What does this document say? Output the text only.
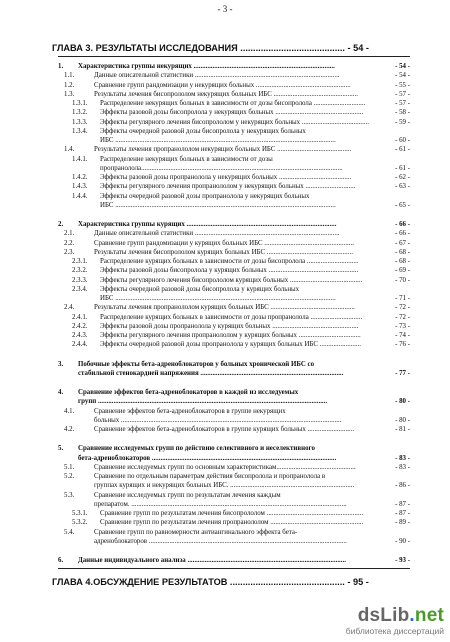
- 3 -
ГЛАВА 3. РЕЗУЛЬТАТЫ ИССЛЕДОВАНИЯ ......................................... - 54 -
1. Характеристика группы некурящих ..................................................................................	- 54 -
1.1.	Данные описательной статистики ....................................................................................	- 54 -
1.2.	Сравнение групп рандомизации у некурящих больных .......................................................	- 55 -
1.3.	Результаты лечения бисопрололом некурящих больных ИБС .................................................	- 57 -
1.3.1. Распределение некурящих больных в зависимости от дозы бисопролола ..............................	- 57 -
1.3.2. Эффекты разовой дозы бисопролола у некурящих больных ...................................................	- 58 -
1.3.3. Эффекты регулярного лечения бисопрололом у некурящих больных .......................................	- 59 -
1.3.4. Эффекты очередной разовой дозы бисопролола у некурящих больных
ИБС ................................................................................................................................	- 60 -
1.4.	Результаты лечения пропранололом некурящих больных ИБС ...........................................	- 61 -
1.4.1. Распределение некурящих больных в зависимости от дозы
пропранолола.....................................................................................................................	- 61 -
1.4.2. Эффекты разовой дозы пропранолола у некурящих больных ..........................................	- 62 -
1.4.3. Эффекты регулярного лечения пропранололом у некурящих больных .............................	- 63 -
1.4.4. Эффекты очередной разовой дозы пропранолола у некурящих больных
ИБС ................................................................................................................................	- 65 -
2. Характеристика группы курящих .......................................................................................	- 66 -
2.1.	Данные описательной статистики ....................................................................................	- 66 -
2.2.	Сравнение групп рандомизации у курящих больных ИБС ....................................................	- 67 -
2.3.	Результаты лечения бисопрололом курящих больных ИБС ..................................................	- 68 -
2.3.1. Распределение курящих больных в зависимости от дозы бисопролола ..............................	- 68 -
2.3.2. Эффекты разовой дозы бисопролола у курящих больных ....................................................	- 69 -
2.3.3. Эффекты регулярного лечения бисопрололом курящих больных ..........................................	- 70 -
2.3.4. Эффекты очередной разовой дозы бисопролола у курящих больных
ИБС ................................................................................................................................	- 71 -
2.4.	Результаты лечения пропранололом курящих больных ИБС .................................................	- 72 -
2.4.1. Распределение курящих больных в зависимости от дозы пропранолола ..............................	- 72 -
2.4.2. Эффекты разовой дозы пропранолола у курящих больных ..................................................	- 73 -
2.4.3. Эффекты регулярного лечения пропранололом у курящих больных ....................................	- 74 -
2.4.4. Эффекты очередной разовой дозы пропранолола у курящих больных ИБС ........................	- 76 -
3. Побочные эффекты бета-адреноблокаторов у больных хронической ИБС со
стабильной стенокардией напряжения ...................................................................................	- 77 -
4. Сравнение эффектов бета-адреноблокаторов в каждой из исследуемых
групп .....................................................................................................................................	- 80 -
4.1.	Сравнение эффектов бета-адреноблокаторов в группе некурящих
больных ................................................................................................................................	- 80 -
4.2.	Сравнение эффектов бета-адреноблокаторов в группе курящих больных ...........................	- 81 -
5. Сравнение исследуемых групп по действию селективного и неселективного
бета-адреноблокаторов ...........................................................................................................	- 83 -
5.1.	Сравнение исследуемых групп по основным характеристикам..............................................	- 83 -
5.2.	Сравнение по отдельным параметрам действия бисопролола и пропранолола в
группах курящих и некурящих больных ИБС. ........................................................................	- 86 -
5.3.	Сравнение исследуемых групп по результатам лечения каждым
препаратом. .............................................................................................................................	- 87 -
5.3.1. Сравнение групп по результатам лечения бисопрололом ........................................................	- 87 -
5.3.2. Сравнение групп по результатам лечения пропранололом ......................................................	- 89 -
5.4.	Сравнение групп по равномерности антиангинального эффекта бета-
адреноблокаторов ...................................................................................................................	- 90 -
6. Данные индивидуального анализа ............................................................................................	- 93 -
ГЛАВА 4.ОБСУЖДЕНИЕ РЕЗУЛЬТАТОВ ............................................. - 95 -
dsLib.net
библиотека диссертаций
